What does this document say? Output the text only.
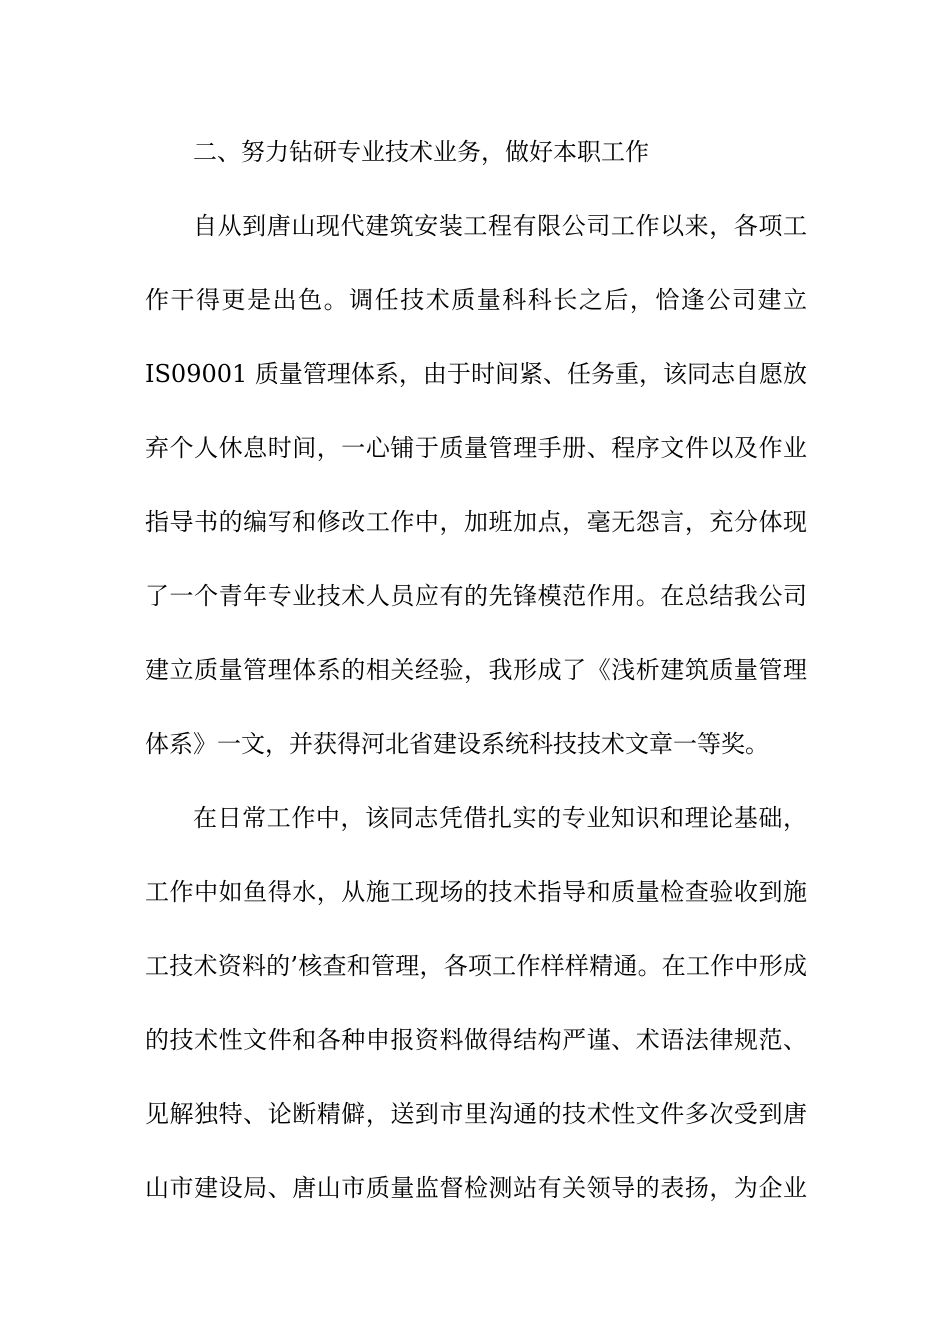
二、努力钻研专业技术业务，做好本职工作
自从到唐山现代建筑安装工程有限公司工作以来，各项工
作干得更是出色。调任技术质量科科长之后，恰逢公司建立
IS09001 质量管理体系，由于时间紧、任务重，该同志自愿放
弃个人休息时间，一心铺于质量管理手册、程序文件以及作业
指导书的编写和修改工作中，加班加点，毫无怨言，充分体现
了一个青年专业技术人员应有的先锋模范作用。在总结我公司
建立质量管理体系的相关经验，我形成了《浅析建筑质量管理
体系》一文，并获得河北省建设系统科技技术文章一等奖。
在日常工作中，该同志凭借扎实的专业知识和理论基础，
工作中如鱼得水，从施工现场的技术指导和质量检查验收到施
工技术资料的’核查和管理，各项工作样样精通。在工作中形成
的技术性文件和各种申报资料做得结构严谨、术语法律规范、
见解独特、论断精僻，送到市里沟通的技术性文件多次受到唐
山市建设局、唐山市质量监督检测站有关领导的表扬，为企业
